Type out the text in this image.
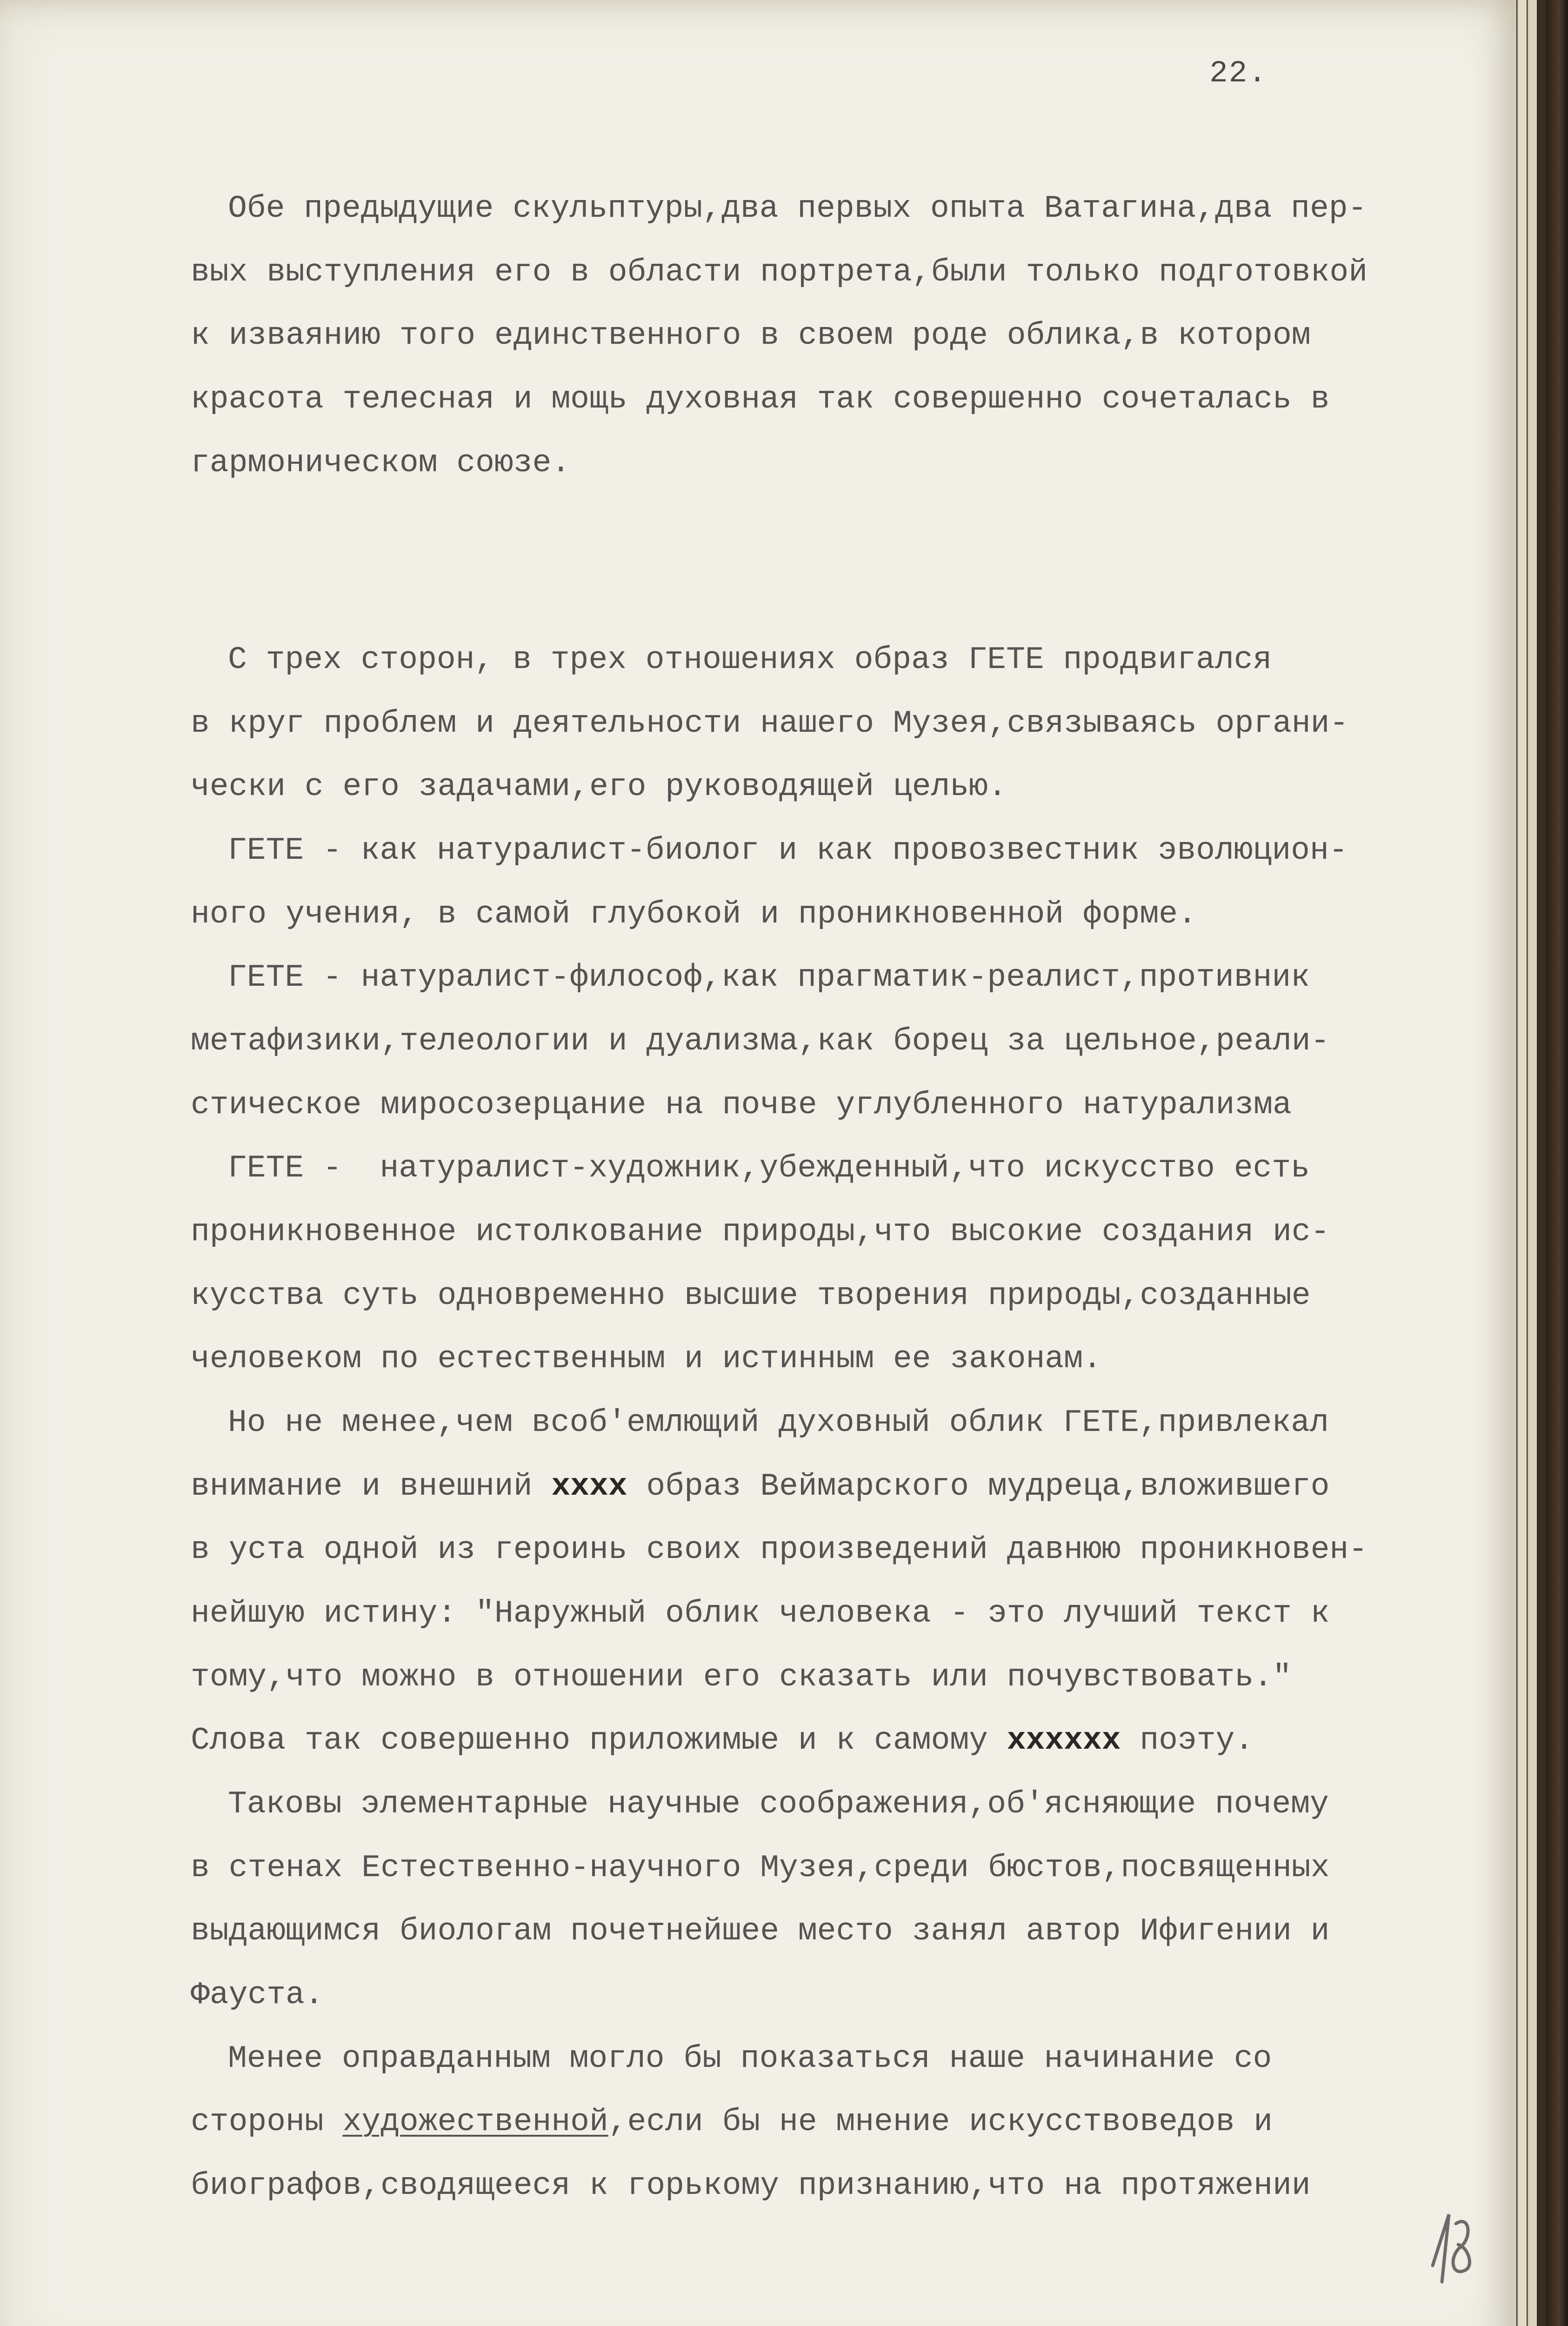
22.
Обе предыдущие скульптуры,два первых опыта Ватагина,два пер-
вых выступления его в области портрета,были только подготовкой
к изваянию того единственного в своем роде облика,в котором
красота телесная и мощь духовная так совершенно сочеталась в
гармоническом союзе.
С трех сторон, в трех отношениях образ ГЕТЕ продвигался
в круг проблем и деятельности нашего Музея,связываясь органи-
чески с его задачами,его руководящей целью.
ГЕТЕ - как натуралист-биолог и как провозвестник эволюцион-
ного учения, в самой глубокой и проникновенной форме.
ГЕТЕ - натуралист-философ,как прагматик-реалист,противник
метафизики,телеологии и дуализма,как борец за цельное,реали-
стическое миросозерцание на почве углубленного натурализма
ГЕТЕ -  натуралист-художник,убежденный,что искусство есть
проникновенное истолкование природы,что высокие создания ис-
кусства суть одновременно высшие творения природы,созданные
человеком по естественным и истинным ее законам.
Но не менее,чем всоб'емлющий духовный облик ГЕТЕ,привлекал
внимание и внешний xxxx образ Веймарского мудреца,вложившего
в уста одной из героинь своих произведений давнюю проникновен-
нейшую истину: "Наружный облик человека - это лучший текст к
тому,что можно в отношении его сказать или почувствовать."
Слова так совершенно приложимые и к самому xxxxxx поэту.
Таковы элементарные научные соображения,об'ясняющие почему
в стенах Естественно-научного Музея,среди бюстов,посвященных
выдающимся биологам почетнейшее место занял автор Ифигении и
Фауста.
Менее оправданным могло бы показаться наше начинание со
стороны художественной,если бы не мнение искусствоведов и
биографов,сводящееся к горькому признанию,что на протяжении
